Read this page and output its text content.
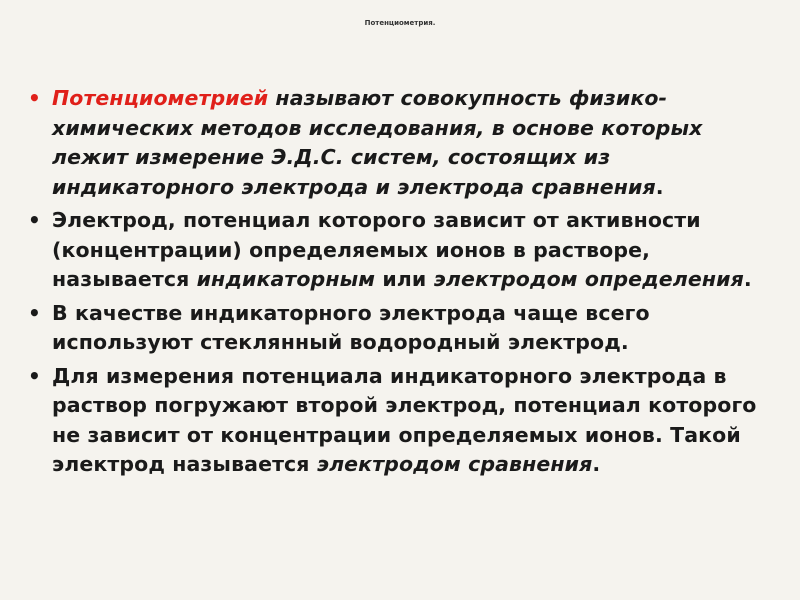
Потенциометрия.
• Потенциометрией называют совокупность физико-химических методов исследования, в основе которых лежит измерение Э.Д.С. систем, состоящих из индикаторного электрода и электрода сравнения.
• Электрод, потенциал которого зависит от активности (концентрации) определяемых ионов в растворе, называется индикаторным или электродом определения.
• В качестве индикаторного электрода чаще всего используют стеклянный водородный электрод.
• Для измерения потенциала индикаторного электрода в раствор погружают второй электрод, потенциал которого не зависит от концентрации определяемых ионов. Такой электрод называется электродом сравнения.
